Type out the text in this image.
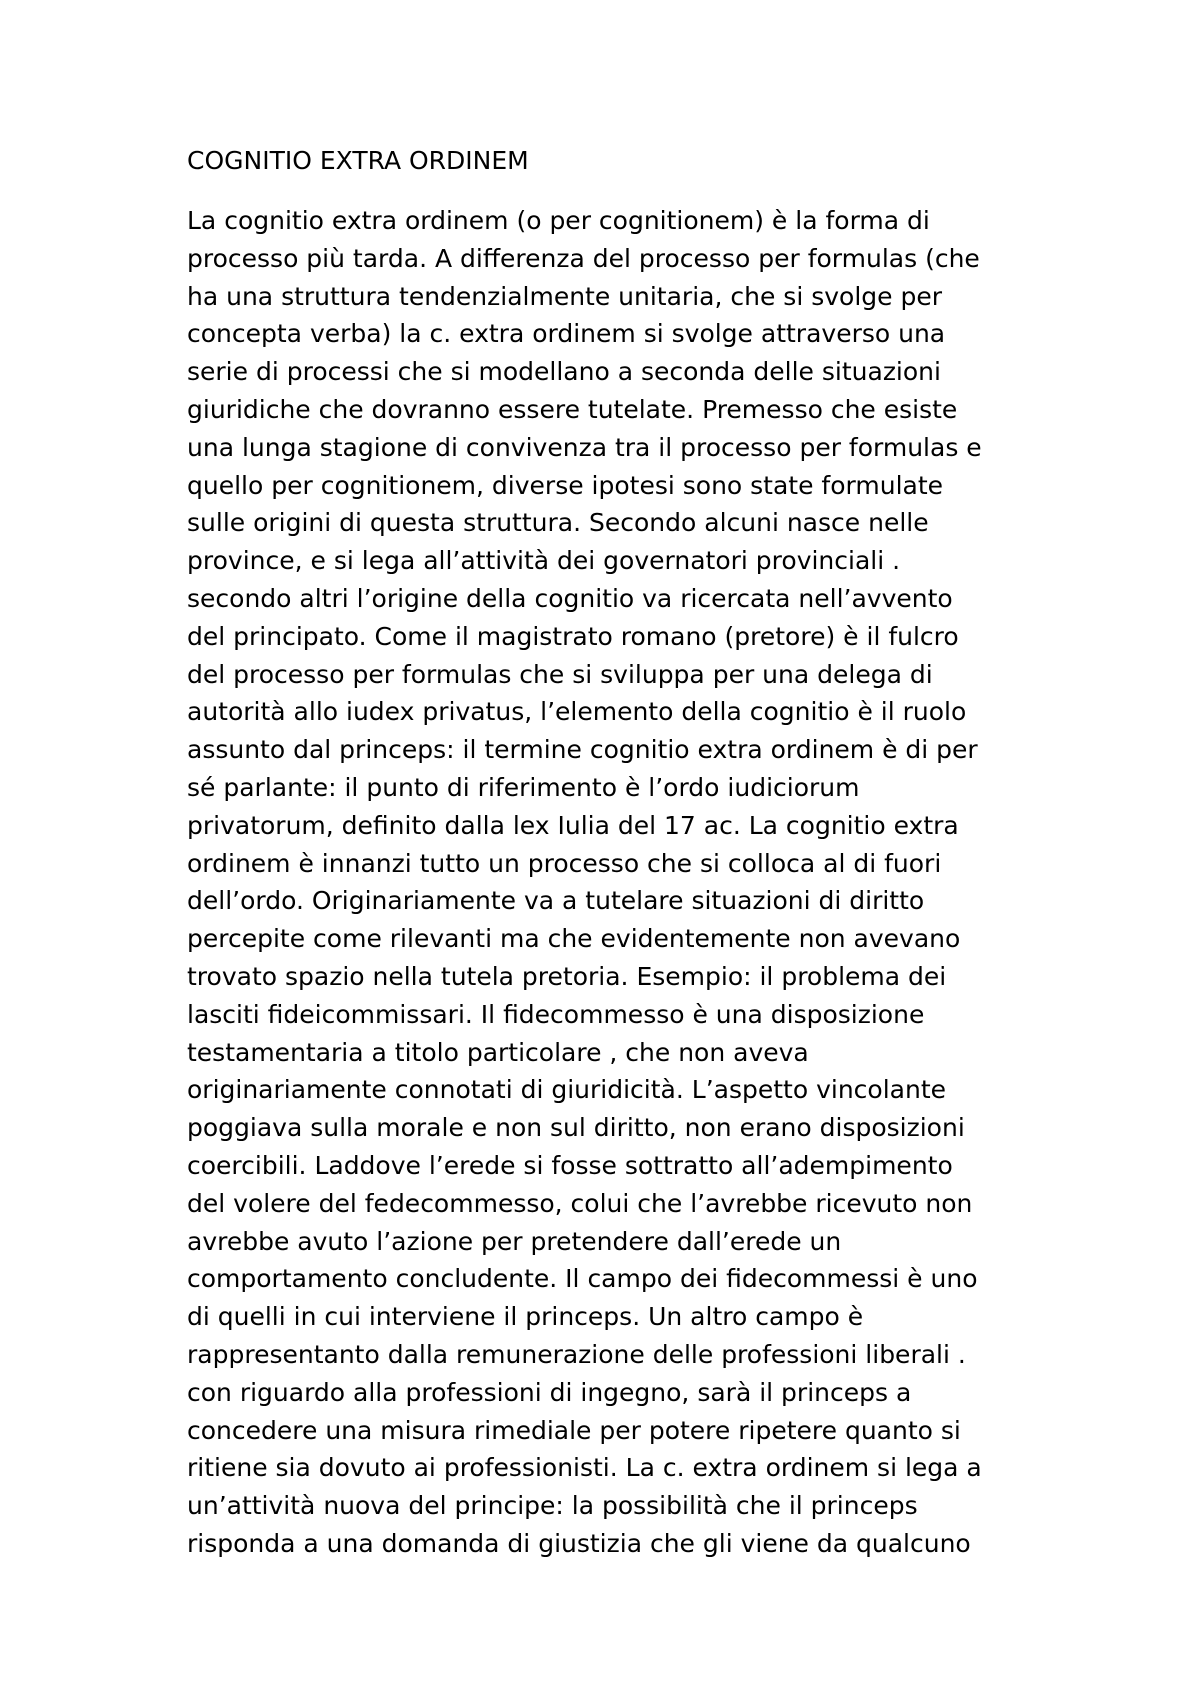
COGNITIO EXTRA ORDINEM
La cognitio extra ordinem (o per cognitionem) è la forma di
processo più tarda. A differenza del processo per formulas (che
ha una struttura tendenzialmente unitaria, che si svolge per
concepta verba) la c. extra ordinem si svolge attraverso una
serie di processi che si modellano a seconda delle situazioni
giuridiche che dovranno essere tutelate. Premesso che esiste
una lunga stagione di convivenza tra il processo per formulas e
quello per cognitionem, diverse ipotesi sono state formulate
sulle origini di questa struttura. Secondo alcuni nasce nelle
province, e si lega all’attività dei governatori provinciali .
secondo altri l’origine della cognitio va ricercata nell’avvento
del principato. Come il magistrato romano (pretore) è il fulcro
del processo per formulas che si sviluppa per una delega di
autorità allo iudex privatus, l’elemento della cognitio è il ruolo
assunto dal princeps: il termine cognitio extra ordinem è di per
sé parlante: il punto di riferimento è l’ordo iudiciorum
privatorum, definito dalla lex Iulia del 17 ac. La cognitio extra
ordinem è innanzi tutto un processo che si colloca al di fuori
dell’ordo. Originariamente va a tutelare situazioni di diritto
percepite come rilevanti ma che evidentemente non avevano
trovato spazio nella tutela pretoria. Esempio: il problema dei
lasciti fideicommissari. Il fidecommesso è una disposizione
testamentaria a titolo particolare , che non aveva
originariamente connotati di giuridicità. L’aspetto vincolante
poggiava sulla morale e non sul diritto, non erano disposizioni
coercibili. Laddove l’erede si fosse sottratto all’adempimento
del volere del fedecommesso, colui che l’avrebbe ricevuto non
avrebbe avuto l’azione per pretendere dall’erede un
comportamento concludente. Il campo dei fidecommessi è uno
di quelli in cui interviene il princeps. Un altro campo è
rappresentanto dalla remunerazione delle professioni liberali .
con riguardo alla professioni di ingegno, sarà il princeps a
concedere una misura rimediale per potere ripetere quanto si
ritiene sia dovuto ai professionisti. La c. extra ordinem si lega a
un’attività nuova del principe: la possibilità che il princeps
risponda a una domanda di giustizia che gli viene da qualcuno
